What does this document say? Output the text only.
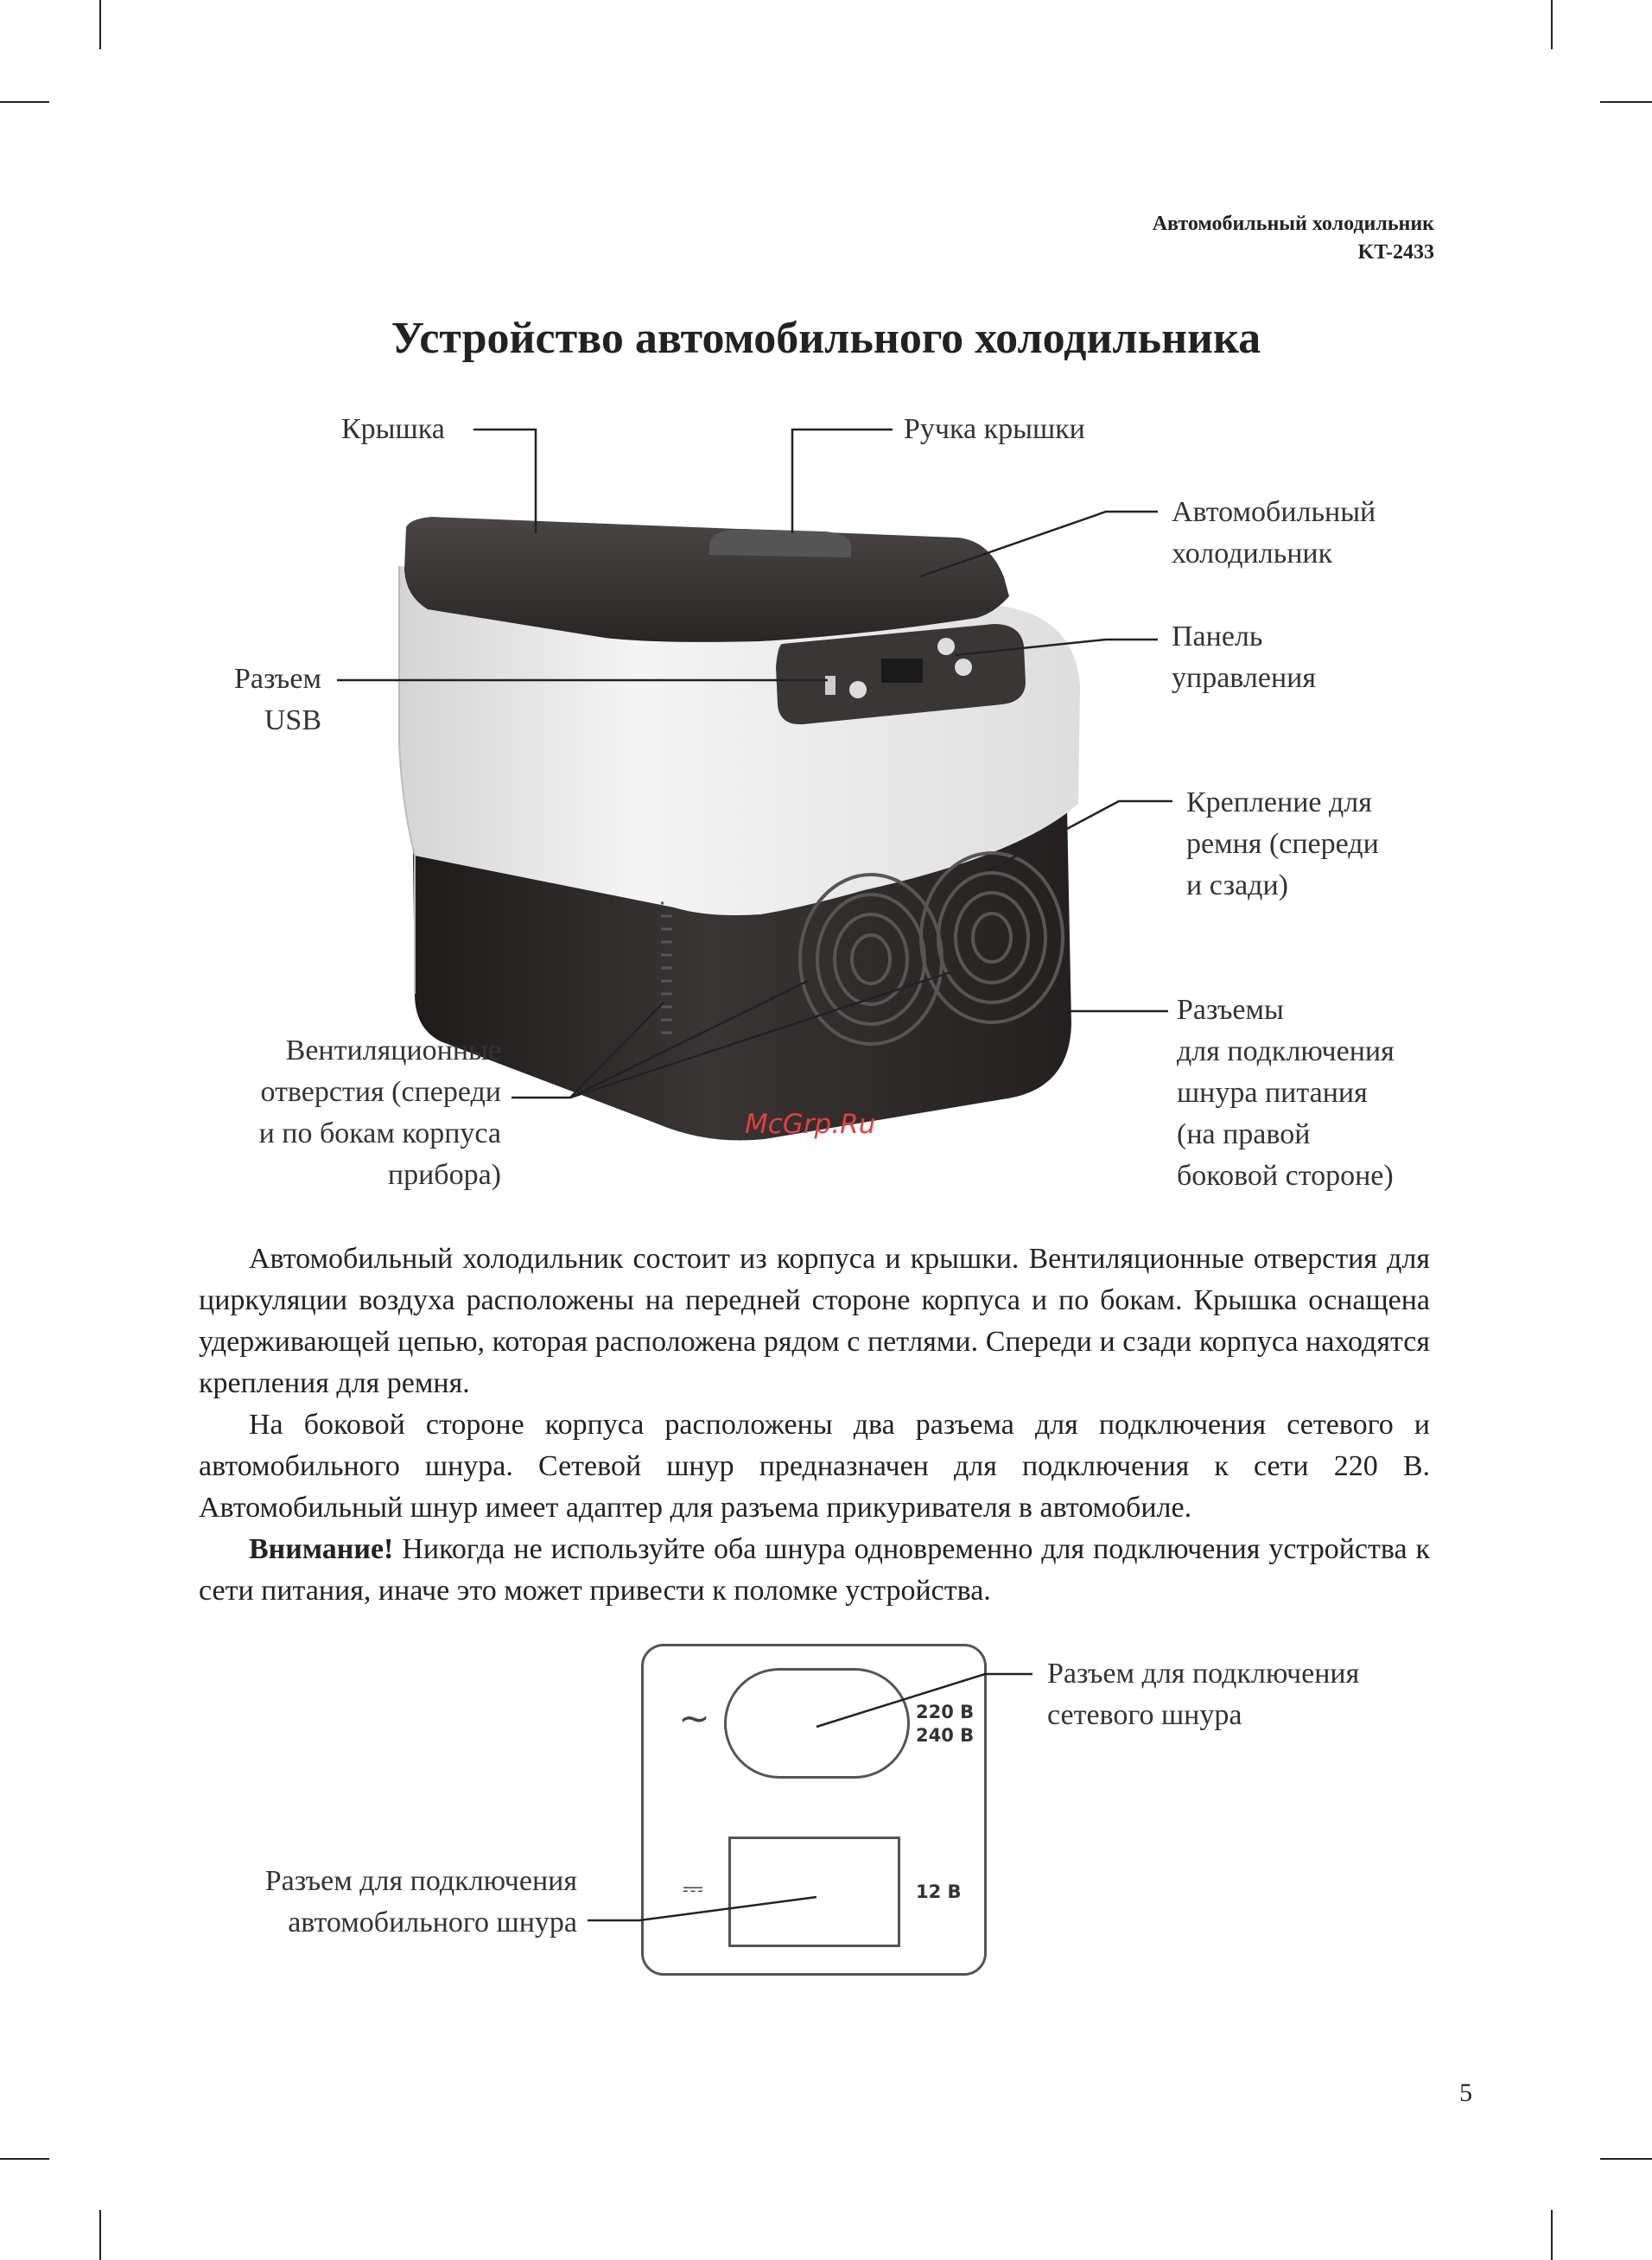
Автомобильный холодильник
KT-2433
Устройство автомобильного холодильника
Крышка	Ручка крышки
Автомобильный
холодильник
Панель
управления
Разъем
USB
Крепление для
ремня (спереди
и сзади)
Вентиляционные
отверстия (спереди
и по бокам корпуса
прибора)
Разъемы
для подключения
шнура питания
(на правой
боковой стороне)
McGrp.Ru
Автомобильный холодильник состоит из корпуса и крышки. Вентиляционные отверстия для циркуляции воздуха расположены на передней стороне корпуса и по бокам. Крышка оснащена удерживающей цепью, которая расположена рядом с петлями. Спереди и сзади корпуса находятся крепления для ремня.
На боковой стороне корпуса расположены два разъема для подключения сетевого и автомобильного шнура. Сетевой шнур предназначен для подключения к сети 220 В. Автомобильный шнур имеет адаптер для разъема прикуривателя в автомобиле.
Внимание! Никогда не используйте оба шнура одновременно для подключения устройства к сети питания, иначе это может привести к поломке устройства.
~
⎓
220 В
240 В
12 В
Разъем для подключения
сетевого шнура
Разъем для подключения
автомобильного шнура
5
